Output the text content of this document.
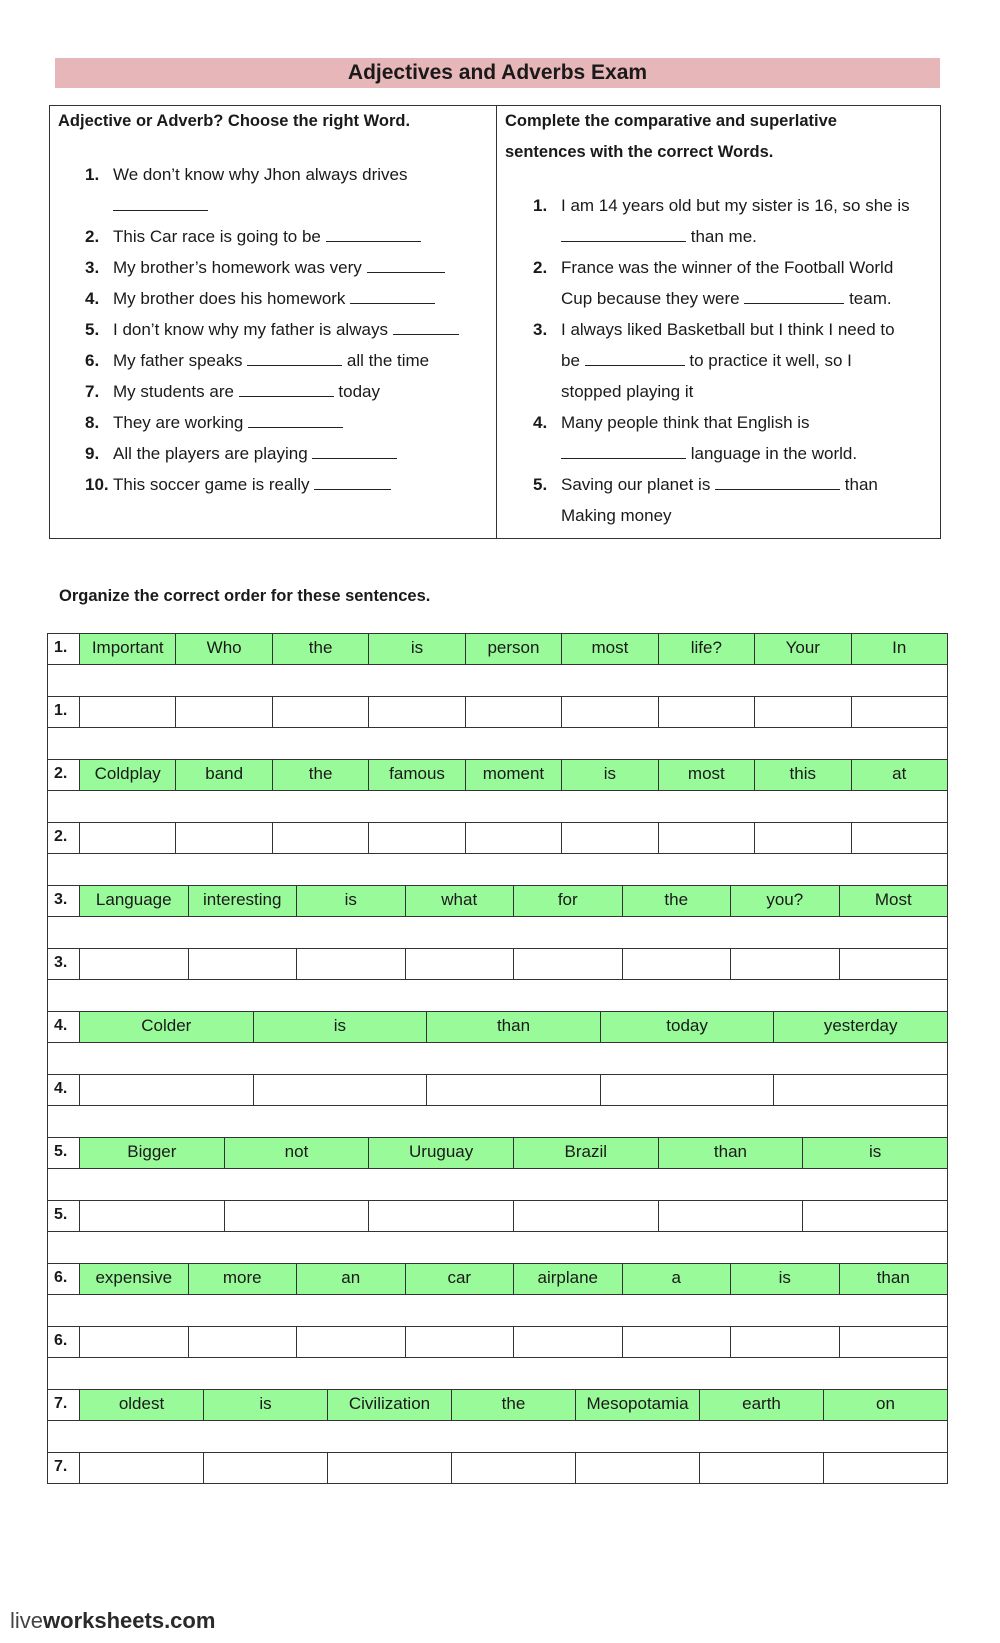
Adjectives and Adverbs Exam
Adjective or Adverb? Choose the right Word.
1. We don’t know why Jhon always drives

2. This Car race is going to be
3. My brother’s homework was very
4. My brother does his homework
5. I don’t know why my father is always
6. My father speaks	all the time
7. My students are	today
8. They are working
9. All the players are playing
10. This soccer game is really
Complete the comparative and superlative
sentences with the correct Words.
1. I am 14 years old but my sister is 16, so she is
than me.
2. France was the winner of the Football World
Cup because they were	team.
3. I always liked Basketball but I think I need to
be	to practice it well, so I
stopped playing it
4. Many people think that English is
language in the world.
5. Saving our planet is	than
Making money
Organize the correct order for these sentences.
1.	Important	Who	the	is	person	most	life?	Your	In
1.
2.	Coldplay	band	the	famous	moment	is	most	this	at
2.
3.	Language	interesting	is	what	for	the	you?	Most
3.
4.	Colder	is	than	today	yesterday
4.
5.	Bigger	not	Uruguay	Brazil	than	is
5.
6.	expensive	more	an	car	airplane	a	is	than
6.
7.	oldest	is	Civilization	the	Mesopotamia	earth	on
7.
liveworksheets.com
